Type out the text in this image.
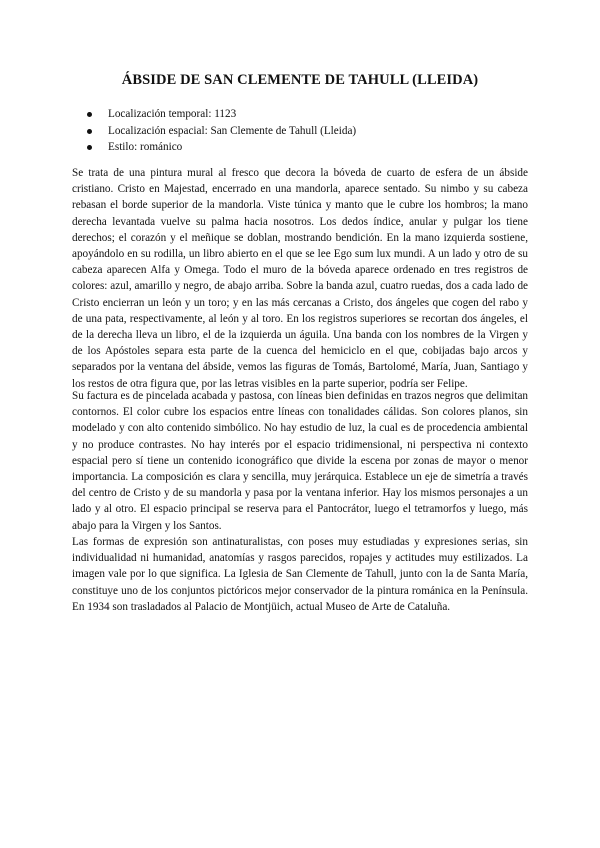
ÁBSIDE DE SAN CLEMENTE DE TAHULL (LLEIDA)
Localización temporal: 1123
Localización espacial: San Clemente de Tahull (Lleida)
Estilo: románico

Se trata de una pintura mural al fresco que decora la bóveda de cuarto de esfera de un ábside cristiano. Cristo en Majestad, encerrado en una mandorla, aparece sentado. Su nimbo y su cabeza rebasan el borde superior de la mandorla. Viste túnica y manto que le cubre los hombros; la mano derecha levantada vuelve su palma hacia nosotros. Los dedos índice, anular y pulgar los tiene derechos; el corazón y el meñique se doblan, mostrando bendición. En la mano izquierda sostiene, apoyándolo en su rodilla, un libro abierto en el que se lee Ego sum lux mundi. A un lado y otro de su cabeza aparecen Alfa y Omega. Todo el muro de la bóveda aparece ordenado en tres registros de colores: azul, amarillo y negro, de abajo arriba. Sobre la banda azul, cuatro ruedas, dos a cada lado de Cristo encierran un león y un toro; y en las más cercanas a Cristo, dos ángeles que cogen del rabo y de una pata, respectivamente, al león y al toro. En los registros superiores se recortan dos ángeles, el de la derecha lleva un libro, el de la izquierda un águila. Una banda con los nombres de la Virgen y de los Apóstoles separa esta parte de la cuenca del hemiciclo en el que, cobijadas bajo arcos y separados por la ventana del ábside, vemos las figuras de Tomás, Bartolomé, María, Juan, Santiago y los restos de otra figura que, por las letras visibles en la parte superior, podría ser Felipe.

Su factura es de pincelada acabada y pastosa, con líneas bien definidas en trazos negros que delimitan contornos. El color cubre los espacios entre líneas con tonalidades cálidas. Son colores planos, sin modelado y con alto contenido simbólico. No hay estudio de luz, la cual es de procedencia ambiental y no produce contrastes. No hay interés por el espacio tridimensional, ni perspectiva ni contexto espacial pero sí tiene un contenido iconográfico que divide la escena por zonas de mayor o menor importancia. La composición es clara y sencilla, muy jerárquica. Establece un eje de simetría a través del centro de Cristo y de su mandorla y pasa por la ventana inferior. Hay los mismos personajes a un lado y al otro. El espacio principal se reserva para el Pantocrátor, luego el tetramorfos y luego, más abajo para la Virgen y los Santos.

Las formas de expresión son antinaturalistas, con poses muy estudiadas y expresiones serias, sin individualidad ni humanidad, anatomías y rasgos parecidos, ropajes y actitudes muy estilizados. La imagen vale por lo que significa. La Iglesia de San Clemente de Tahull, junto con la de Santa María, constituye uno de los conjuntos pictóricos mejor conservador de la pintura románica en la Península. En 1934 son trasladados al Palacio de Montjüich, actual Museo de Arte de Cataluña.
